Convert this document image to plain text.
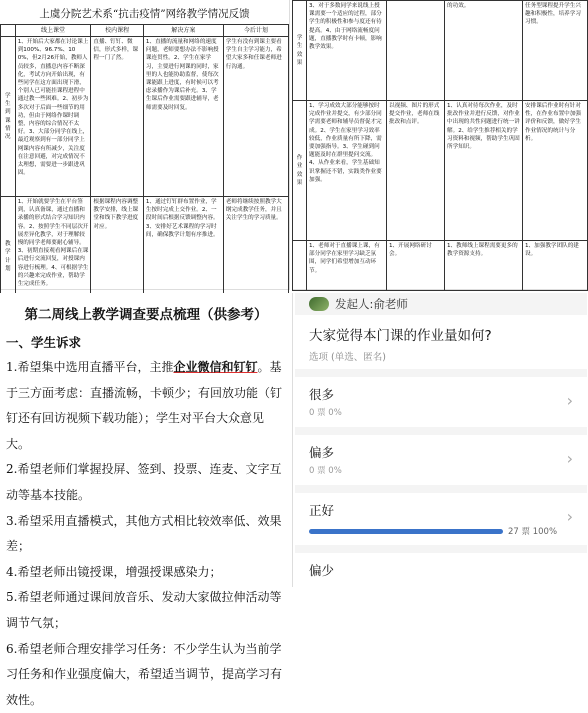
上虞分院艺术系“抗击疫情”网络教学情况反馈
	线上课堂	校内课程	解决方案	今后计划
学生到课情况	1、开始后大家都在讨论课上到100%、96.7%、100%，但2月26开始，教师人员较多，直播总内容不断深化，考试方向开始出现，有些同学在这方面出现下滑，个别人已可能挂课程进程中通过教一些困难。2、初步为多次对于后面一些细节的用功，但由于网络作课时调整，内容的综合情况不太好。3、大部分同学在线上，最近观察到有一部分同学上网课内容有所减少，关注度在注意回避，对完成情况不太理想，需要进一步跟进巩固。	直播、钉钉、微信，形式多样，课程一门了然。	1、直播的流量和网络的速度问题，老师要想办法不影响授课连贯性。2、学生在家学习，主要进行网课的同时，家里的人也能协助监督，使每次课能跟上进度，有时候可以考虑录播作为课后补充。3、学生课后作业需要跟进辅导，老师需要及时回复。	学生有没有到课主要看学生自主学习能力，希望大家多和任课老师进行沟通。
教学计划	1、开始就要学生在平台签到，认真备课，通过直播和录播的形式结合学习知识内容。2、按照学生不同层次开展差异化教学，对于理解较慢的同学老师要耐心辅导。3、初期直接观看网课后在课后进行交流回复，对授课内容进行梳理。4、可根据学生的兴趣来完成作业，帮助学生完成任务。	根据课程内容调整教学安排，线上课堂和线下教学进度对应。	1、通过钉钉群布置作业，学生按时完成上交作业。2、一段时间后根据反馈调整内容。3、安排好艺术课程的学习时间，确保教学计划有序推进。	老师将继续按照教学大纲完成教学任务，并且关注学生的学习质量。
学生效果	3、对于多数同学来说线上授课需要一个适应的过程，部分学生的积极性和参与度还有待提高。4、由于网络流畅度问题，直播教学时有卡顿，影响教学效果。		的功效。	任务型课程提升学生兴趣和积极性，培养学习习惯。
作业效果	1、学习成效大部分能够按时完成作业并提交，有少部分同学需要老师和辅导员督促才完成。2、学生在家里学习效率较低，作业质量有所下降，需要加强指导。3、学生碰到问题能及时在群里提问交流。4、从作业来看，学生基础知识掌握还不错，实践类作业要加强。	以视频、图片的形式提交作业，老师在线批改和点评。	1、认真对待每次作业，及时批改作业并进行反馈，对作业中出现的共性问题进行统一讲解。2、给学生推荐相关的学习资料和视频，帮助学生巩固所学知识。	安排课后作业时有针对性，在作业布置中加强评价和反馈，做好学生作业情况的统计与分析。
	1、老师对于直播课上课，有部分同学在家里学习缺乏氛围，同学们希望增加互动环节。	1、开展网络研讨会。	1、教师线上课程需要更多的教学资源支持。	1、加强教学团队的建设。
第二周线上教学调查要点梳理（供参考）
一、学生诉求

1.希望集中选用直播平台，主推企业微信和钉钉。基于三方面考虑：直播流畅，卡顿少；有回放功能（钉钉还有回访视频下载功能）；学生对平台大众意见大。

2.希望老师们掌握投屏、签到、投票、连麦、文字互动等基本技能。

3.希望采用直播模式，其他方式相比较效率低、效果差；

4.希望老师出镜授课，增强授课感染力；

5.希望老师通过课间放音乐、发动大家做拉伸活动等调节气氛；

6.希望老师合理安排学习任务：不少学生认为当前学习任务和作业强度偏大，希望适当调节，提高学习有效性。

发起人:俞老师
大家觉得本门课的作业量如何?
选项 (单选、匿名)
很多
0 票 0%
›
偏多
0 票 0%
›
正好
27 票 100%
›
偏少
